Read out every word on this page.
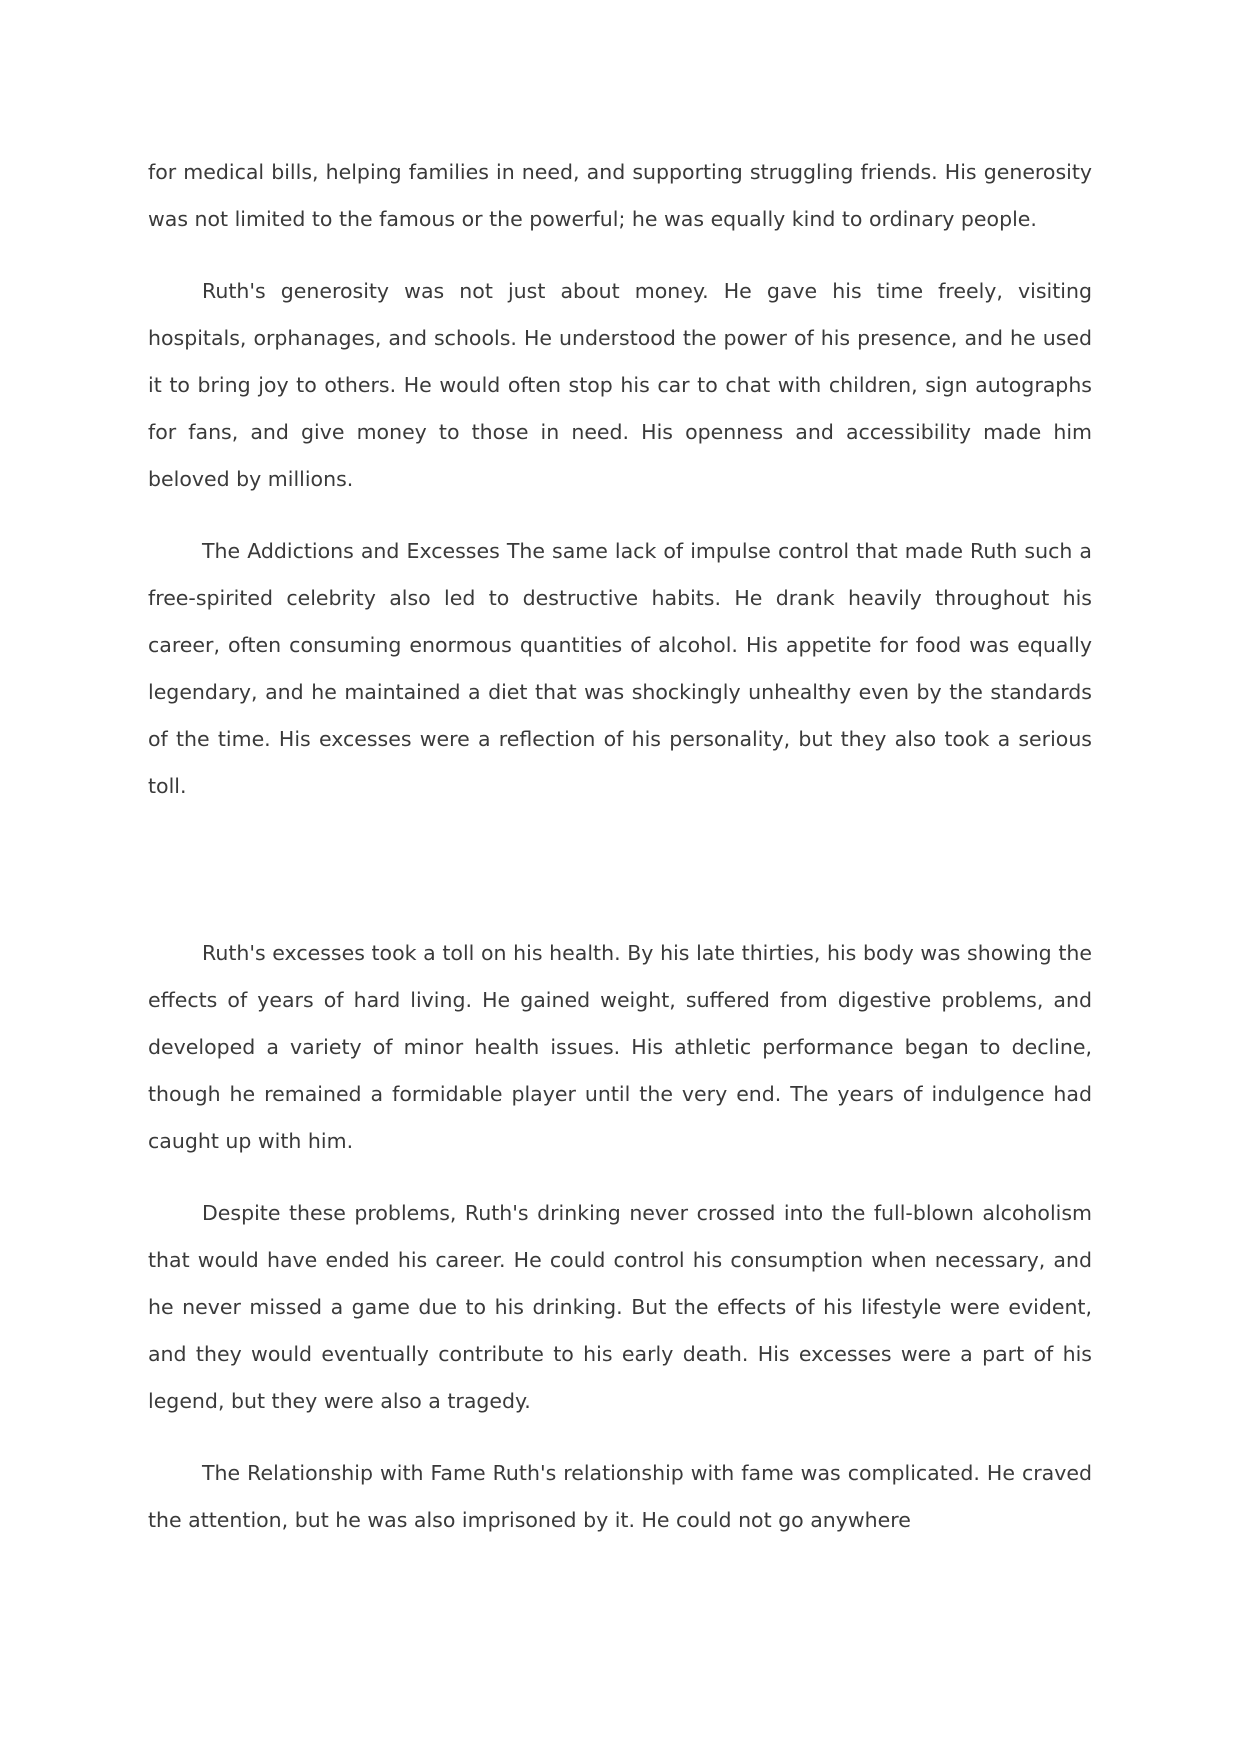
for medical bills, helping families in need, and supporting struggling friends. His generosity was not limited to the famous or the powerful; he was equally kind to ordinary people.

Ruth's generosity was not just about money. He gave his time freely, visiting hospitals, orphanages, and schools. He understood the power of his presence, and he used it to bring joy to others. He would often stop his car to chat with children, sign autographs for fans, and give money to those in need. His openness and accessibility made him beloved by millions.

The Addictions and Excesses The same lack of impulse control that made Ruth such a free-spirited celebrity also led to destructive habits. He drank heavily throughout his career, often consuming enormous quantities of alcohol. His appetite for food was equally legendary, and he maintained a diet that was shockingly unhealthy even by the standards of the time. His excesses were a reflection of his personality, but they also took a serious toll.

Ruth's excesses took a toll on his health. By his late thirties, his body was showing the effects of years of hard living. He gained weight, suffered from digestive problems, and developed a variety of minor health issues. His athletic performance began to decline, though he remained a formidable player until the very end. The years of indulgence had caught up with him.

Despite these problems, Ruth's drinking never crossed into the full-blown alcoholism that would have ended his career. He could control his consumption when necessary, and he never missed a game due to his drinking. But the effects of his lifestyle were evident, and they would eventually contribute to his early death. His excesses were a part of his legend, but they were also a tragedy.

The Relationship with Fame Ruth's relationship with fame was complicated. He craved the attention, but he was also imprisoned by it. He could not go anywhere
